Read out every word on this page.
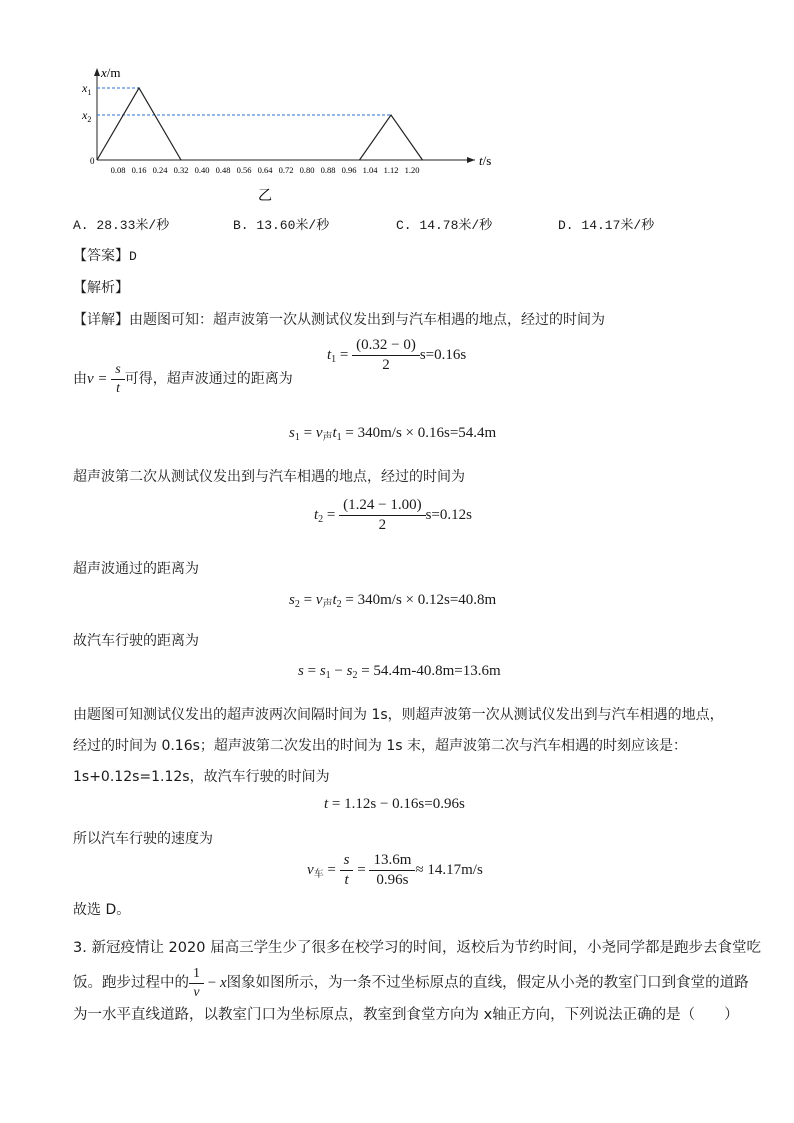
x/m
t/s
0.08 0.16 0.24 0.32 0.40 0.48 0.56 0.64 0.72 0.80 0.88 0.96 1.04 1.12 1.20
0
$x_1$
$x_2$
乙
A. 28.33米/秒	B. 13.60米/秒	C. 14.78米/秒	D. 14.17米/秒
【答案】D
【解析】
【详解】由题图可知：超声波第一次从测试仪发出到与汽车相遇的地点，经过的时间为
$t_1 = \frac{(0.32 - 0)}{2} s=0.16s$
由$v = \frac{s}{t}$ 可得，超声波通过的距离为
$s_1 = v_声t_1 = 340m/s \times 0.16s=54.4m$
超声波第二次从测试仪发出到与汽车相遇的地点，经过的时间为
$t_2 = \frac{(1.24 - 1.00)}{2} s=0.12s$
超声波通过的距离为
$s_2 = v_声t_2 = 340m/s \times 0.12s=40.8m$
故汽车行驶的距离为
$s = s_1 - s_2 = 54.4m-40.8m=13.6m$
由题图可知测试仪发出的超声波两次间隔时间为 1s，则超声波第一次从测试仪发出到与汽车相遇的地点，
经过的时间为 0.16s；超声波第二次发出的时间为 1s 末，超声波第二次与汽车相遇的时刻应该是：
1s+0.12s=1.12s，故汽车行驶的时间为
t = 1.12s − 0.16s=0.96s
所以汽车行驶的速度为
$v_车 = \frac{s}{t} = \frac{13.6m}{0.96s} \approx 14.17m/s$
故选 D。
3. 新冠疫情让 2020 届高三学生少了很多在校学习的时间，返校后为节约时间，小尧同学都是跑步去食堂吃
饭。跑步过程中的 $\frac{1}{v} - x$图象如图所示，为一条不过坐标原点的直线，假定从小尧的教室门口到食堂的道路
为一水平直线道路，以教室门口为坐标原点，教室到食堂方向为 x轴正方向，下列说法正确的是（　　）
